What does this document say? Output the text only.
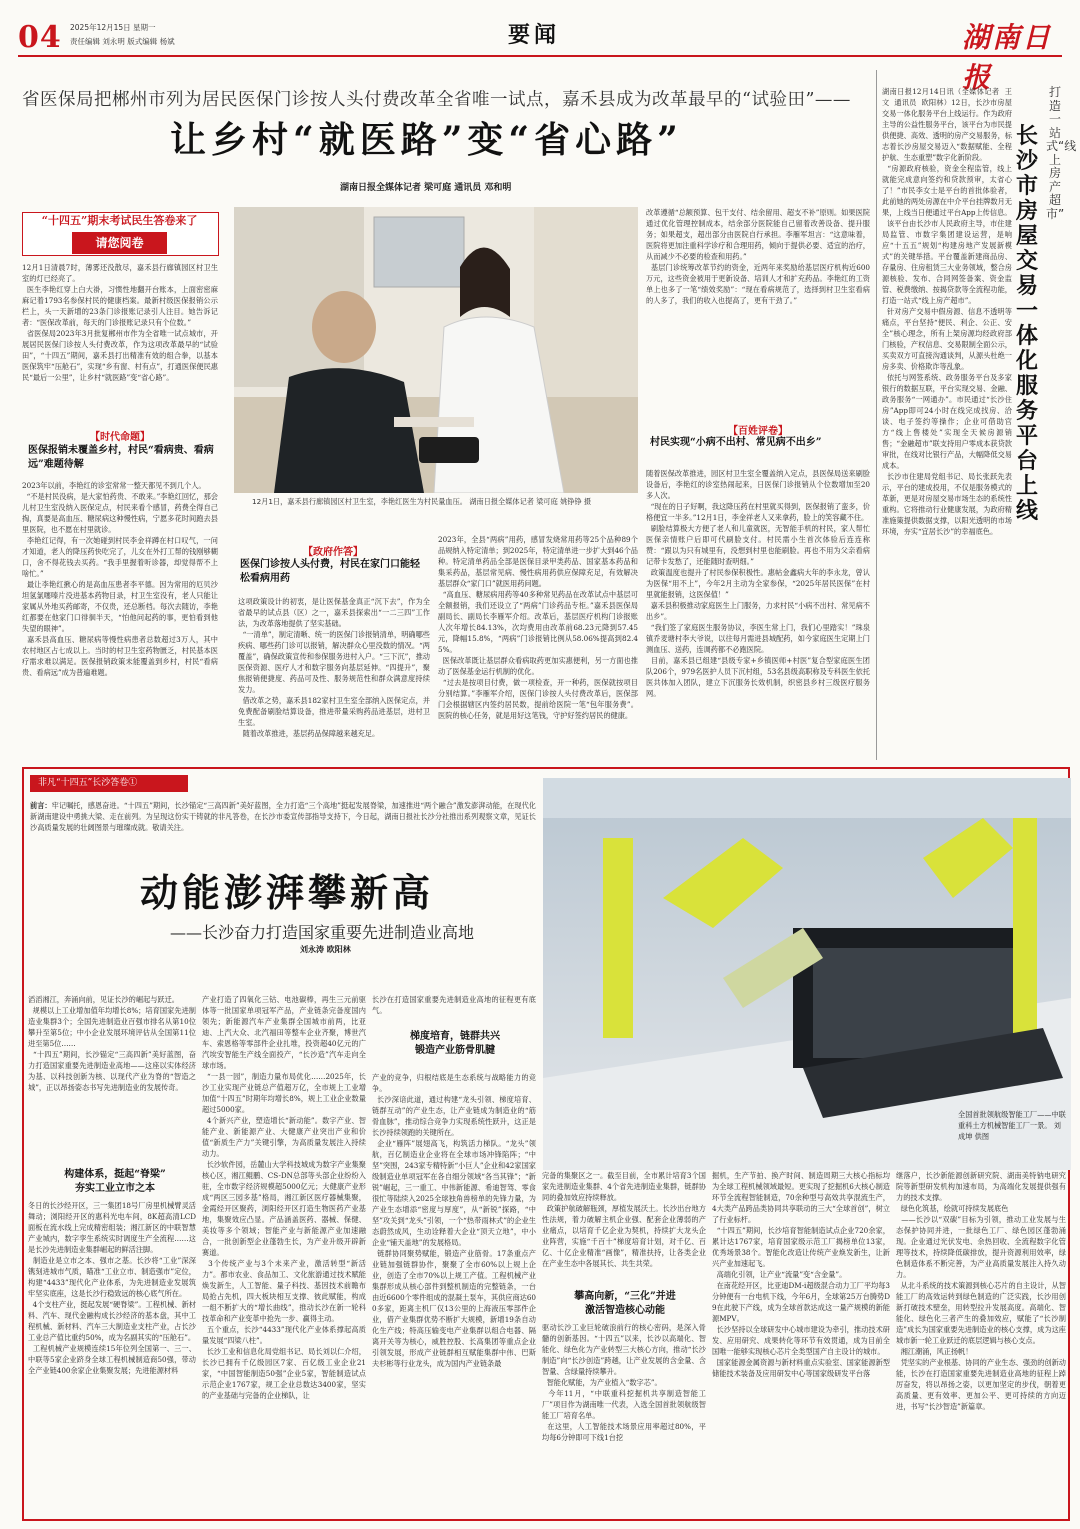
04 2025年12月15日 星期一
责任编辑 刘永明 版式编辑 杨斌	要闻	湖南日报
省医保局把郴州市列为居民医保门诊按人头付费改革全省唯一试点，嘉禾县成为改革最早的“试验田”——
让乡村“就医路”变“省心路”
湖南日报全媒体记者 梁可庭 通讯员 邓和明
“十四五”期末考试民生答卷来了
请您阅卷
12月1日清晨7时，薄雾还没散尽，嘉禾县行廊镇园区村卫生室的灯已经亮了。
医生李艳红穿上白大褂，习惯性地翻开台账本，上面密密麻麻记着1793名参保村民的健康档案。最新村级医保报销公示栏上，头一天新增的23条门诊报账记录引人注目。她告诉记者：“医保改革前，每天的门诊报账记录只有个位数。”
省医保局2023年3月批复郴州市作为全省唯一试点城市，开展居民医保门诊按人头付费改革，作为这项改革最早的“试验田”，“十四五”期间，嘉禾县打出精准有效的组合拳，以基本医保筑牢“压舱石”，实现“乡有窗、村有点”，打通医保便民惠民“最后一公里”，让乡村“就医路”变“省心路”。
【时代命题】
医保报销未覆盖乡村，村民“看病贵、看病远”难题待解
2023年以前，李艳红的诊室常常一整天都见不到几个人。
“不是村民没病，是大家怕药贵、不敢来。”李艳红回忆，那会儿村卫生室没纳入医保定点，村民来看个感冒，药费全得自己掏，真要是高血压、糖尿病这种慢性病，宁愿多花时间跑去县里医院，也不愿在村里就诊。
李艳红记得，有一次她碰到村民李金祥蹲在村口叹气，一问才知道，老人的降压药快吃完了，儿女在外打工帮的钱刚够糊口，舍不得花钱去买药。“我手里握着听诊器，却觉得帮不上啥忙。”
最让李艳红揪心的是高血压患者李平德。因为常用的厄贝沙坦氢氯噻嗪片没进基本药物目录，村卫生室没有，老人只能让家属从外地买药邮寄，不仅贵，还总断档。每次去随访，李艳红都要在他家门口徘徊半天，“怕他问起药的事，更怕看到他失望的眼神”。
嘉禾县高血压、糖尿病等慢性病患者总数超过3万人，其中农村地区占七成以上。当时的村卫生室药物匮乏，村民基本医疗需求难以满足。医保报销政策未能覆盖到乡村，村民“看病贵、看病远”成为普遍难题。
12月1日，嘉禾县行廊镇园区村卫生室，李艳红医生为村民量血压。 湖南日报全媒体记者 梁可庭 姚铮铮 摄
【政府作答】
医保门诊按人头付费，村民在家门口能轻松看病用药
这项政策设计的初衷，是让医保基金真正“沉下去”，作为全省最早的试点县（区）之一，嘉禾县探索出“一二三四”工作法，为改革落地提供了坚实基础。
“一清单”，制定清晰、统一的医保门诊报销清单，明确哪些疾病、哪些药门诊可以报销，解决群众心里没数的情况。“两覆盖”，确保政策宣传和参保服务进村入户。“三下沉”，推动医保资源、医疗人才和数字服务向基层延伸。“四提升”，聚焦报销便捷度、药品可及性、服务规范性和群众满意度持续发力。
借改革之势，嘉禾县182家村卫生室全部纳入医保定点，并免费配备刷脸结算设备，推进带量采购药品进基层，进村卫生室。
随着改革推进，基层药品保障越来越充足。
2023年，全县“两病”用药，感冒发烧常用药等25个品种89个品规纳入特定清单；到2025年，特定清单进一步扩大到46个品种。特定清单药品全部是医保目录甲类药品、国家基本药品和集采药品，基层常见病、慢性病用药供应保障充足，有效解决基层群众“家门口”就医用药问题。
“高血压、糖尿病用药等40多种常见药品在改革试点中基层可全额报销，我们还设立了“两病”门诊药品专柜。”嘉禾县医保局副局长、副局长李雁军介绍。改革后，基层医疗机构门诊报账人次年增长84.13%，次均费用由改革前68.23元降到57.45元，降幅15.8%，“两病”门诊报销比例从58.06%提高到82.45%。
医保改革既让基层群众看病取药更加实惠便利，另一方面也推动了医保基金运行机制的优化。
“过去是按项目付费，做一项检查，开一种药，医保就按项目分别结算。”李雁军介绍，医保门诊按人头付费改革后，医保部门会根据辖区内签约居民数，提前给医院一笔“包年服务费”。医院的核心任务，就是用好这笔钱，守护好签约居民的健康。
改革遵循“总额预算、包干支付、结余留用、超支不补”原则。如果医院通过优化管理控制成本，结余部分医院能自己留着改善设备、提升服务；如果超支，超出部分由医院自行承担。李雁军坦言：“这意味着，医院将更加注重科学诊疗和合理用药，倾向于提供必要、适宜的治疗，从而减少不必要的检查和用药。”
基层门诊统筹改革节约的资金，近两年来奖励给基层医疗机构近600万元，这些资金被用于更新设备、培训人才和扩充药品。李艳红的工资单上也多了一笔“绩效奖励”：“现在看病规范了，选择到村卫生室看病的人多了，我们的收入也提高了，更有干劲了。”
【百姓评卷】
村民实现“小病不出村、常见病不出乡”
随着医保改革推进，园区村卫生室全覆盖纳入定点，县医保局送来刷脸设备后，李艳红的诊室热闹起来，日医保门诊报销从个位数增加至20多人次。
“现在的日子好啊，我这降压药在村里就买得到，医保报销了蛮多，价格便宜一半多。”12月1日，李金祥老人又来拿药，脸上的笑容藏不住。
刷脸结算极大方便了老人和儿童就医，无智能手机的村民，家人帮忙医保亲情账户后即可代刷脸支付。村民需小生首次体验后连连称赞：“跟以为只有城里有，没想到村里也能刷脸。再也不用为父亲看病记带卡发愁了，还能随时查明细。”
政策温度也提升了村民参保积极性。惠帖金鑫病大年的李永龙，曾认为医保“用不上”，今年2月主动为全家参保，“2025年居民医保”在村里就能报销，这医保值！”
嘉禾县积极推动家庭医生上门服务，力求村民“小病不出村、常见病不出乡”。
“我们签了家庭医生服务协议，李医生常上门，我们心里踏实！”珠泉镇乔麦塘村李大爷说，以往每月需进县城配药，如今家庭医生定期上门测血压、送药，连调药都不必跑医院。
目前，嘉禾县已组建“县级专家+乡镇医师+村医”复合型家庭医生团队206个，979名医护人员下沉村组，53名县级高职称及专科医生依托医共体加入团队，建立下沉服务长效机制，织密县乡村三级医疗服务网。
湖南日报12月14日讯（全媒体记者  王文  通讯员  欧阳林）12日，长沙市房屋交易一体化服务平台上线运行。作为政府主导的公益性服务平台，该平台为市民提供便捷、高效、透明的房产交易服务，标志着长沙房屋交易迈入“数据赋能、全程护航、生态重塑”数字化新阶段。
“房源政府核验，资金全程监管，线上就能完成意向签约和贷款预审，太省心了！”市民李女士是平台的首批体验者，此前她的两处房源在中介平台挂牌数月无果，上线当日便通过平台App上传信息。
该平台由长沙市人民政府主导，市住建局监管、市数字集团建设运营，是响应“十五五”规划“构建房地产发展新模式”的关键举措。平台覆盖新建商品房、存量房、住房租赁三大业务领域，整合房源核验、发布、合同网签备案、资金监管、税费缴纳、按揭贷款等全流程功能，打造一站式“线上房产超市”。
针对房产交易中假房源、信息不透明等痛点，平台坚持“便民、利企、公正、安全”核心理念，所有上架房源均经政府部门核验，产权信息、交易限制全面公示，买卖双方可直接沟通谈判，从源头杜绝一房多卖、价格欺诈等乱象。
依托与网签系统、政务服务平台及多家银行的数据互联，平台实现交易、金融、政务服务“一网通办”。市民通过“长沙住房”App即可24小时在线完成找房、洽谈、电子签约等操作；企业可借助官方“线上售楼处”实现全天候房源销售；“金融超市”联支持用户零成本获贷款审批，在线对比银行产品，大幅降低交易成本。
长沙市住建局党组书记、局长张跃先表示，平台的建成投用，不仅是服务模式的革新，更是对房屋交易市场生态的系统性重构。它将推动行业健康发展，为政府精准施策提供数据支撑，以阳光透明的市场环境，夯实“宜居长沙”的幸福底色。
长沙市房屋交易一体化服务平台上线
打造一站式“线上房产超市”
非凡“十四五”长沙答卷①
前言：牢记嘱托，感恩奋进。“十四五”期间，长沙锚定“三高四新”美好蓝图，全力打造“三个高地”挺起发展脊梁，加速推进“两个融合”激发澎湃动能，在现代化新湖南建设中勇挑大梁、走在前列。为呈现这份实干铸就的非凡答卷，在长沙市委宣传部指导支持下，今日起，湖南日报社长沙分社推出系列观察文章，见证长沙高质量发展的壮阔图景与璀璨成就。敬请关注。
动能澎湃攀新高
——长沙奋力打造国家重要先进制造业高地
刘永涛 欧阳林
全国首批领航级智能工厂——中联重科土方机械智能工厂一景。 刘成坤 供图
滔滔湘江，奔涌向前，见证长沙的崛起与跃迁。
规模以上工业增加值年均增长8%；培育国家先进制造业集群3个；全国先进制造业百强市排名从第10位攀升至第5位；中小企业发展环境评估从全国第11位进至第5位……
“十四五”期间，长沙锚定“三高四新”美好蓝图，奋力打造国家重要先进制造业高地——这座以实体经济为基、以科技创新为核、以现代产业为脊的“智造之城”，正以昂扬姿态书写先进制造业的发展传奇。
构建体系，挺起“脊梁”
夯实工业立市之本
冬日的长沙经开区，三一集团18号厂房里机械臂灵活舞动；浏阳经开区的惠科光电车间，8K超高清LCD面板在流水线上完成精密组装；湘江新区的中联智慧产业城内，数字孪生系统实时调度生产全流程……这是长沙先进制造业集群崛起的鲜活注脚。
制造业是立市之本、强市之基。长沙将“工业”深深镌刻进城市气质，瞄准“工业立市、制造强市”定位，构建“4433”现代化产业体系，为先进制造业发展筑牢坚实底座，这是长沙行稳致远的核心底气所在。
4个支柱产业，挺起发展“硬脊梁”。工程机械、新材料、汽车、现代金融构成长沙经济的基本盘，其中工程机械、新材料、汽车三大制造业支柱产业，占长沙工业总产值比重约50%，成为名副其实的“压舱石”。
工程机械产业规模连续15年位列全国第一、三一、中联等5家企业跻身全球工程机械制造商50强，带动全产业链400余家企业集聚发展；先进能源材料
产业打造了四氧化三钴、电池碳棒，再生三元前驱体等一批国家单项冠军产品，产业链条完备度国内领先；新能源汽车产业集群全国城市前两，比亚迪、上汽大众、北汽福田等整车企业齐聚，博世汽车、索恩格等零部件企业扎堆，投资超40亿元的广汽埃安智能生产线全面投产，“长沙造”汽车走向全球市场。
“一县一园”，制造力量布局优化……2025年，长沙工业实现产业链总产值超万亿，全市规上工业增加值“十四五”时期年均增长8%，规上工业企业数量超过5000家。
4个新兴产业，塑造增长“新动能”。数字产业、智能产业、新能源产业、大健康产业突出产业和价值“新质生产力”关键引擎，为高质量发展注入持续动力。
长沙软件园，岳麓山大学科技城成为数字产业集聚核心区，湘江鲲鹏、CS-DN总部等头部企业纷纷入驻，全市数字经济规模超5000亿元；大健康产业形成“两区三园多基”格局，湘江新区医疗器械集聚，金霞经开区聚药，浏阳经开区打造生物医药产业基地，集聚效应凸显。产品涵盖医药、器械、保健、美妆等多个领域；智能产业与新能源产业加速融合，一批创新型企业蓬勃生长，为产业升级开辟新赛道。
3个传统产业与3个未来产业，激活转型“新活力”。都市农业、食品加工、文化旅游通过技术赋能焕发新生，人工智能、量子科技、基因技术前瞻布局抢占先机，四大板块相互支撑、彼此赋能，构成一组不断扩大的“增长曲线”，推动长沙在新一轮科技革命和产业变革中抢先一步、赢得主动。
五个重点，长沙“4433”现代化产业体系撑起高质量发展“四梁八柱”。
长沙工业和信息化局党组书记、局长刘以仁介绍，长沙已拥有千亿级园区7家、百亿级工业企业21家，“中国智能制造50强”企业5家，智能制造试点示范企业1767家，规工企业总数达3400家，坚实的产业基础与完备的企业梯队，让
长沙在打造国家重要先进制造业高地的征程更有底气。
梯度培育，链群共兴
锻造产业筋骨肌腱
产业的竞争，归根结底是生态系统与战略能力的竞争。
长沙深谙此道，通过构建“龙头引领、梯度培育、链群互动”的产业生态，让产业链成为制造业的“筋骨血脉”，推动综合竞争力实现系统性跃升，这正是长沙持续领跑的关键所在。
企业“雁阵”展翅高飞，构筑活力梯队。“龙头”领航，百亿制造业企业将在全球市场冲锋陷阵；“中坚”突围，243家专精特新“小巨人”企业和42家国家级制造业单项冠军在各自细分领域“各当其锋”；“新锐”崛起，三一重工、中伟新能源、希迪智驾、零食很忙等陆续入2025全球独角兽榜单的先锋力量，为产业生态增添“密度与厚度”，从“新锐”探路，“中坚”攻关到“龙头”引领，一个“热带雨林式”的企业生态蔚然成风，生动诠释着大企业“顶天立地”，中小企业“铺天盖地”的发展格局。
链群协同聚势赋能，锻造产业筋骨。17条重点产业链加强链群协作，聚聚了全市60%以上规上企业，创造了全市70%以上规工产值。工程机械产业集群形成从核心部件到整机制造的完整链条，一台由近6600个零件组成的混凝土泵车，其供应商达600多家，距离主机厂仅13公里的上海液压零部件企业，借产业集群优势不断扩大规模，新增19条自动化生产线；特高压输变电产业集群以组合电器、隔离开关等为核心，威胜控股、长高集团等重点企业引领发展，形成产业链群相互赋能集群中伟、巴斯夫杉彬等行业龙头，成为国内产业链条最
完备的集聚区之一。截至目前，全市累计培育3个国家先进制造业集群、4个省先进制造业集群，链群协同的叠加效应持续释放。
政策护航破解瓶颈，厚植发展沃土。长沙出台地方性法规，着力破解主机企业强、配套企业薄弱的产业痛点，以培育千亿企业为契机，持续扩大龙头企业阵营，实施“千百十”梯度培育计划，对千亿、百亿、十亿企业精准“画像”，精准扶持，让各类企业在产业生态中各展其长、共生共荣。
攀高向新，“三化”并进
激活智造核心动能
驱动长沙工业巨轮破浪前行的核心密码，是深入骨髓的创新基因。“十四五”以来，长沙以高端化、智能化、绿色化为产业转型三大核心方向，推动“长沙制造”向“长沙创造”跨越，让产业发展的含金量、含智量、含绿量持续攀升。
智能化赋能，为产业植入“数字芯”。
今年11月，“中联重科挖掘机共享制造智能工厂”项目作为湖南唯一代表，入选全国首批领航级智能工厂培育名单。
在这里，人工智能技术场景应用率超过80%，平均每6分钟即可下线1台挖
掘机，生产节拍、换产时间、制造周期三大核心指标均为全球工程机械领域最短。更实现了挖掘机6大核心制造环节全流程智能制造，70余种型号高效共享混流生产，4大类产品跨品类协同共享联动的三大“全球首创”，树立了行业标杆。
“十四五”期间，长沙培育智能制造试点企业720余家，累计达1767家，培育国家级示范工厂揭榜单位13家，优秀场景38个。智能化改造让传统产业焕发新生，让新兴产业加速起飞。
高端化引领，让产业“流量”变“含金量”。
在南花经开区，比亚迪DM-i超级混合动力工厂平均每3分钟便有一台电机下线，今年6月，全球第25万台腾势D9在此驶下产线，成为全球首款达成这一量产规模的新能源MPV。
长沙坚持以全球研发中心城市建设为牵引，推动技术研发、应用研究、成果转化等环节有效贯通，成为目前全国唯一能够实现核心芯片全类型国产自主设计的城市。
国家能源金属资源与新材料重点实验室、国家能源新型储能技术装备及应用研发中心等国家级研发平台落
继落户，长沙新能源创新研究院、湖南美特钠电研究院等新型研发机构加速布局，为高端化发展提供强有力的技术支撑。
绿色化筑基，绘就可持续发展底色
——长沙以“双碳”目标为引领，推动工业发展与生态保护协同并进，一批绿色工厂、绿色园区蓬勃涌现。企业通过光伏发电、余热回收、全流程数字化管理等技术，持续降低碳排放，提升资源利用效率，绿色制造体系不断完善，为产业高质量发展注入持久动力。
从北斗系统的技术策源到核心芯片的自主设计，从智能工厂的高效运转到绿色制造的广泛实践，长沙用创新打破技术壁垒，用转型拉升发展高度。高端化、智能化、绿色化三者产生的叠加效应，赋能了“长沙制造”成长为国家重要先进制造业的核心支撑，成为这座城市新一轮工业跃迁的底层逻辑与核心支点。
湘江潮涌，风正扬帆！
凭坚实的产业根基、协同的产业生态、强劲的创新动能，长沙在打造国家重要先进制造业高地的征程上踔厉奋发，将以昂扬之姿，以更加坚定的步伐，朝着更高质量、更有效率、更加公平、更可持续的方向迈进，书写“长沙智造”新篇章。
